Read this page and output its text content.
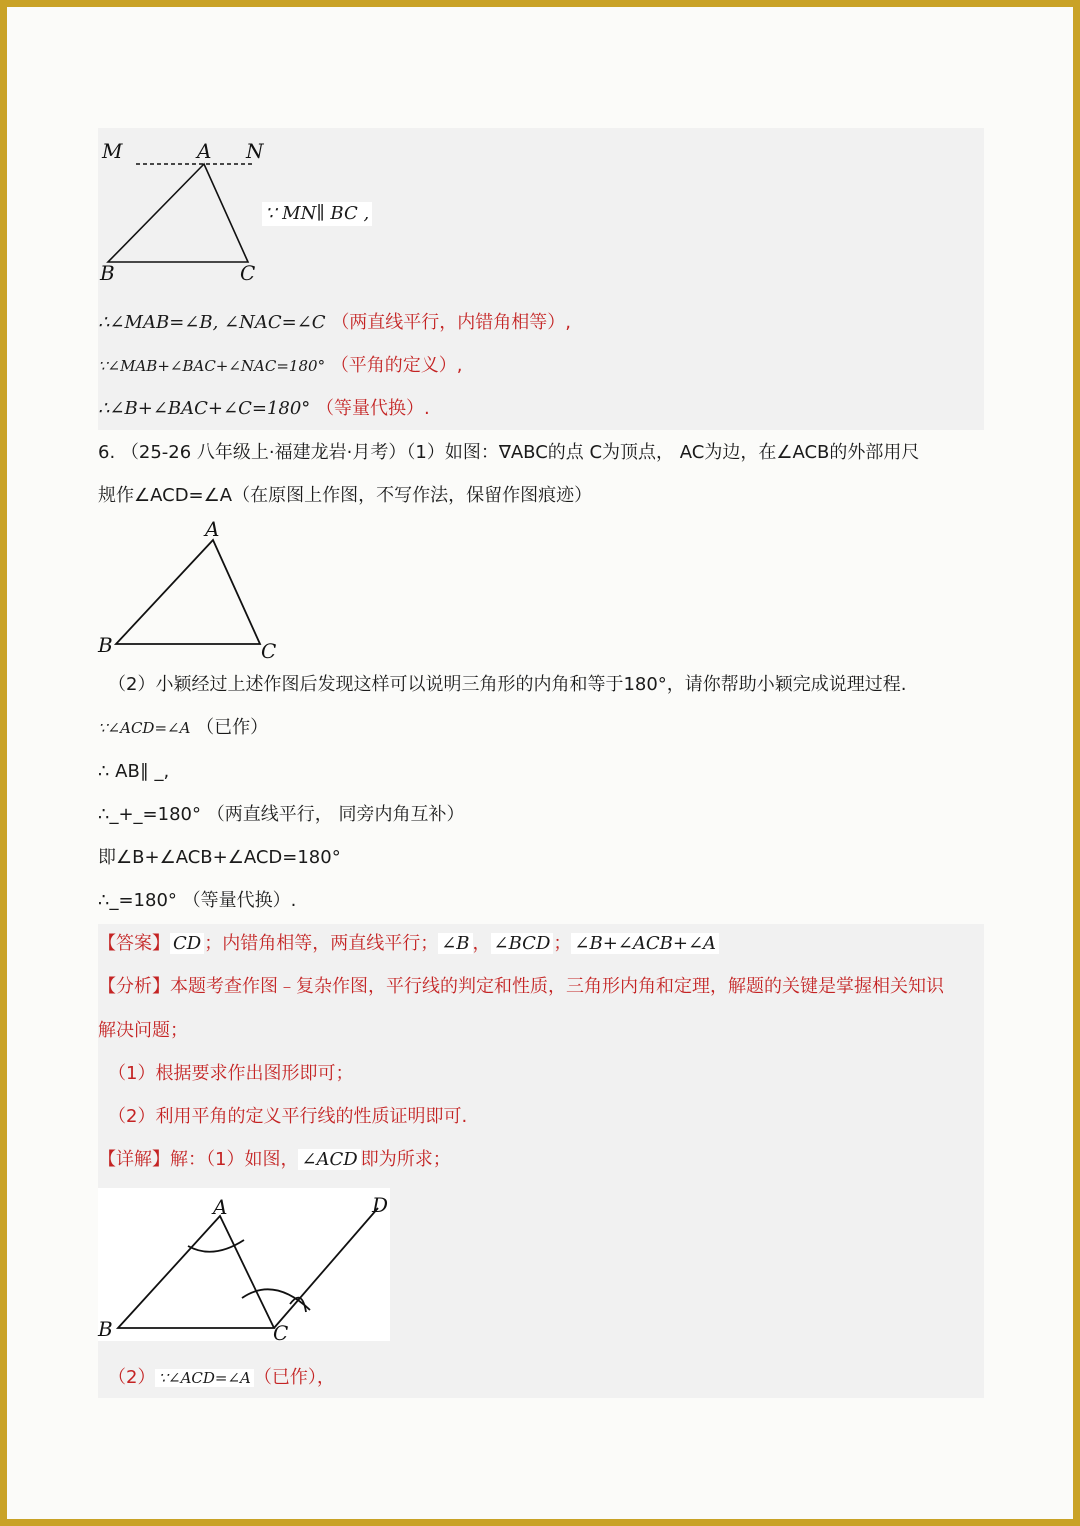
M	A N
B	C
∵ MN∥ BC ,
∴∠MAB=∠B, ∠NAC=∠C （两直线平行，内错角相等）,
∵∠MAB+∠BAC+∠NAC=180° （平角的定义）,
∴∠B+∠BAC+∠C=180° （等量代换）.
6. （25-26 八年级上·福建龙岩·月考）（1）如图：∇ABC的点 C为顶点， AC为边，在∠ACB的外部用尺
规作∠ACD=∠A（在原图上作图，不写作法，保留作图痕迹）
A
B	C
（2）小颖经过上述作图后发现这样可以说明三角形的内角和等于180°，请你帮助小颖完成说理过程.
∵∠ACD=∠A （已作）
∴ AB∥ _,
∴_+_=180° （两直线平行， 同旁内角互补）
即∠B+∠ACB+∠ACD=180°
∴_=180° （等量代换）.
【答案】 CD ；内错角相等，两直线平行； ∠B ， ∠BCD ； ∠B+∠ACB+∠A
【分析】本题考查作图﹣复杂作图，平行线的判定和性质，三角形内角和定理，解题的关键是掌握相关知识
解决问题；
（1）根据要求作出图形即可；
（2）利用平角的定义平行线的性质证明即可.
【详解】解：（1）如图， ∠ACD 即为所求；
A
B	C
D
（2） ∵∠ACD=∠A （已作），
